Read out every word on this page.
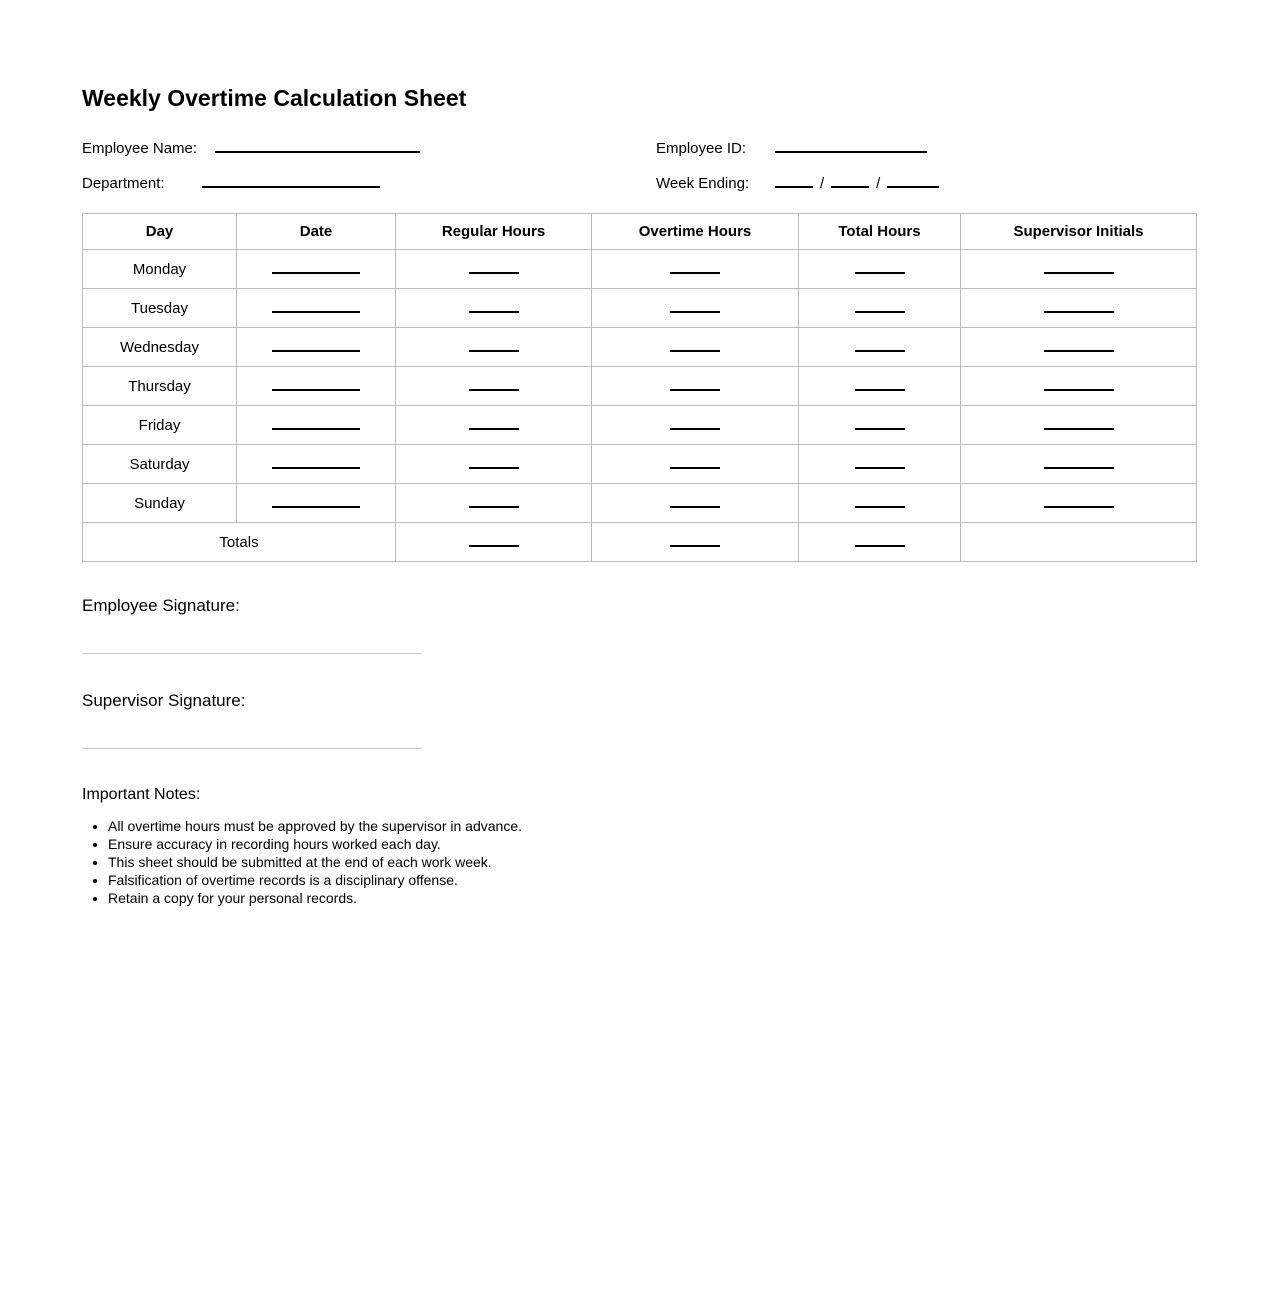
Weekly Overtime Calculation Sheet
Employee Name:
Department:
Employee ID:
Week Ending:	/	/
Day	Date	Regular Hours	Overtime Hours	Total Hours	Supervisor Initials
Monday					
Tuesday					
Wednesday					
Thursday					
Friday					
Saturday					
Sunday					
Totals					
Employee Signature:
Supervisor Signature:
Important Notes:
• All overtime hours must be approved by the supervisor in advance.
• Ensure accuracy in recording hours worked each day.
• This sheet should be submitted at the end of each work week.
• Falsification of overtime records is a disciplinary offense.
• Retain a copy for your personal records.
